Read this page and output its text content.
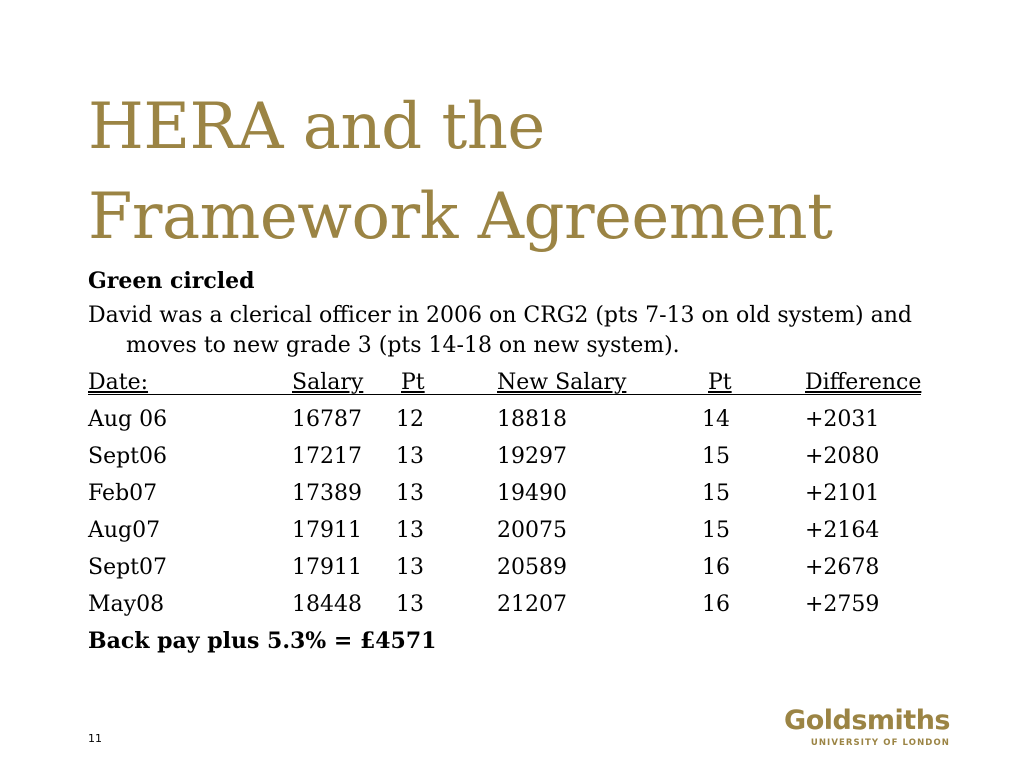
HERA and the
Framework Agreement
Green circled
David was a clerical officer in 2006 on CRG2 (pts 7-13 on old system) and moves to new grade 3 (pts 14-18 on new system).
Date:	Salary Pt	New Salary	Pt	Difference
Aug 06	16787 12	18818	14	+2031
Sept06	17217 13	19297	15	+2080
Feb07	17389 13	19490	15	+2101
Aug07	17911 13	20075	15	+2164
Sept07	17911 13	20589	16	+2678
May08	18448 13	21207	16	+2759
Back pay plus 5.3% = £4571
11
Goldsmiths
UNIVERSITY OF LONDON
